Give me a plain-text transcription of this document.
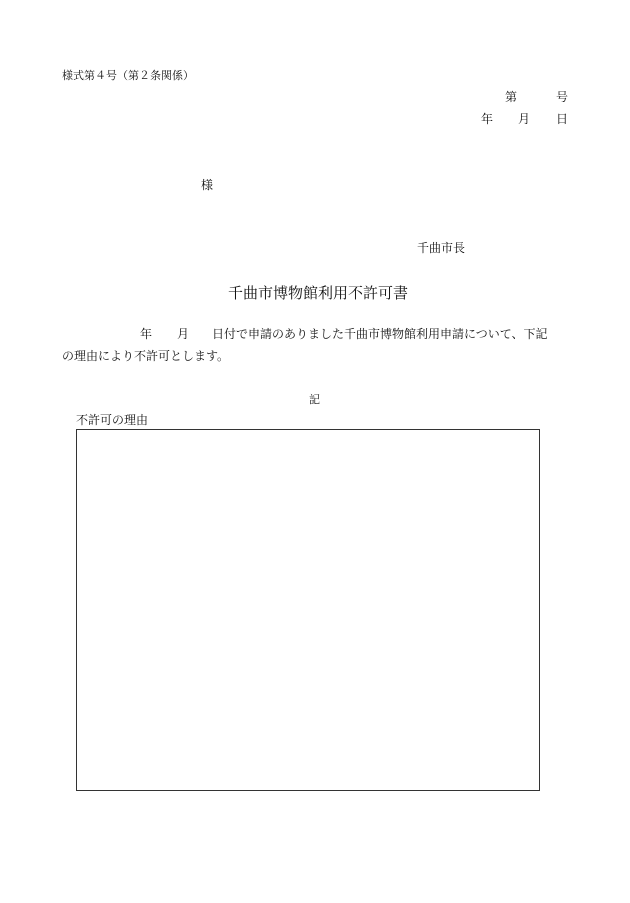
様式第４号（第２条関係）
第	号
年 月 日
様
千曲市長
千曲市博物館利用不許可書
年 月 日付で申請のありました千曲市博物館利用申請について、下記
の理由により不許可とします。
記
不許可の理由
